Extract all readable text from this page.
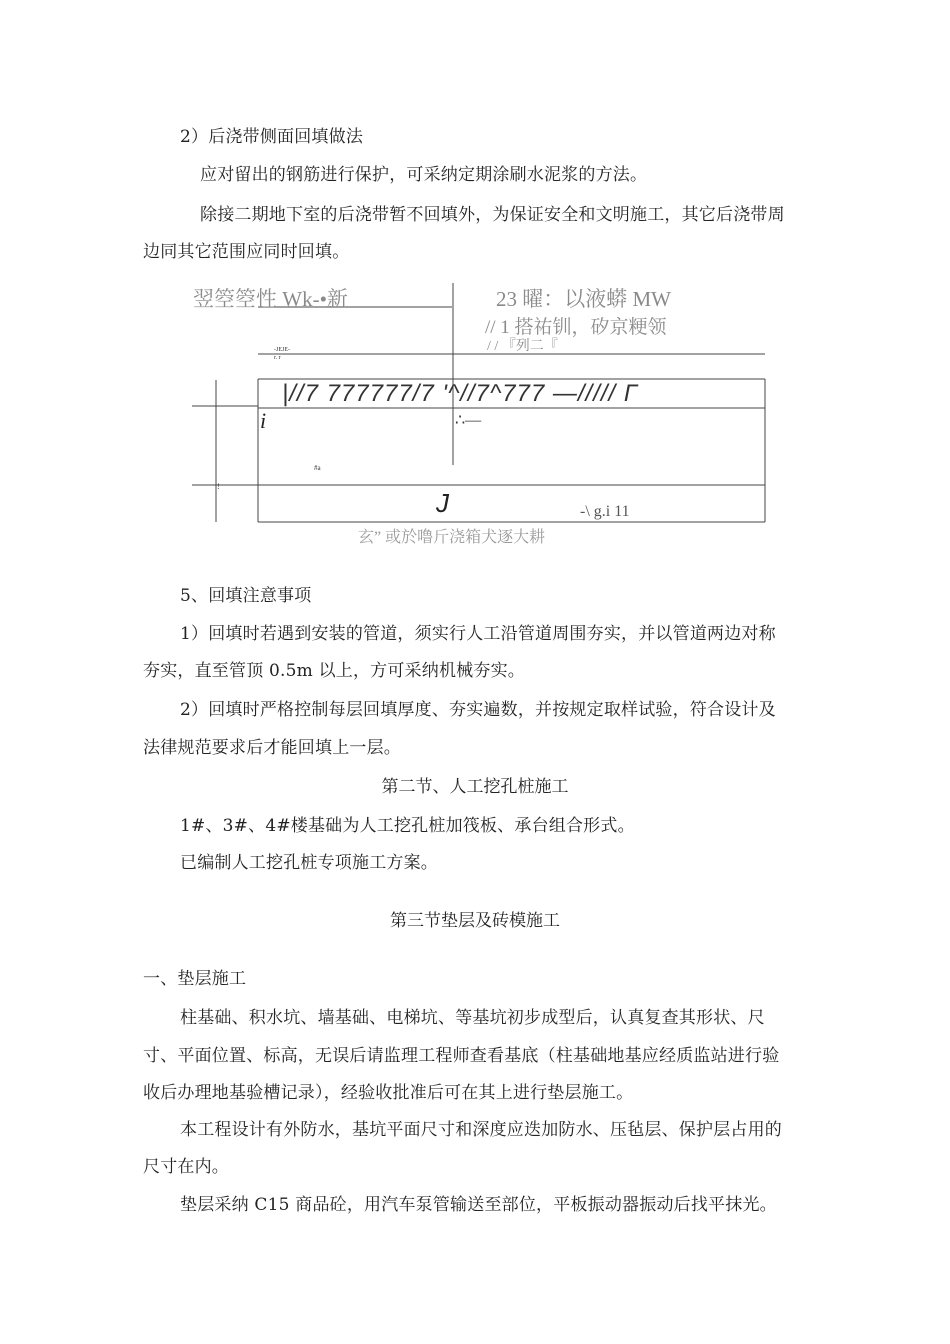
2）后浇带侧面回填做法
应对留出的钢筋进行保护，可采纳定期涂刷水泥浆的方法。
除接二期地下室的后浇带暂不回填外，为保证安全和文明施工，其它后浇带周
边同其它范围应同时回填。
翌箜箜性 Wk-•新	23 曜：以液蟒 MW
// 1 搭祐钏，矽京粳领
/ / 『列二『
-JEJE-
r. r
|//7 777777/7 '^//7^777 —///// Г
i	∴—
#a
!
J	-\ g.i 11
玄” 或於噜斤浇箱犬逐大耕
5、回填注意事项
1）回填时若遇到安装的管道，须实行人工沿管道周围夯实，并以管道两边对称
夯实，直至管顶 0.5m 以上，方可采纳机械夯实。
2）回填时严格控制每层回填厚度、夯实遍数，并按规定取样试验，符合设计及
法律规范要求后才能回填上一层。
第二节、人工挖孔桩施工
1#、3#、4#楼基础为人工挖孔桩加筏板、承台组合形式。
已编制人工挖孔桩专项施工方案。
第三节垫层及砖模施工
一、垫层施工
柱基础、积水坑、墙基础、电梯坑、等基坑初步成型后，认真复查其形状、尺
寸、平面位置、标高，无误后请监理工程师查看基底（柱基础地基应经质监站进行验
收后办理地基验槽记录），经验收批准后可在其上进行垫层施工。
本工程设计有外防水，基坑平面尺寸和深度应迭加防水、压毡层、保护层占用的
尺寸在内。
垫层采纳 C15 商品砼，用汽车泵管输送至部位，平板振动器振动后找平抹光。
